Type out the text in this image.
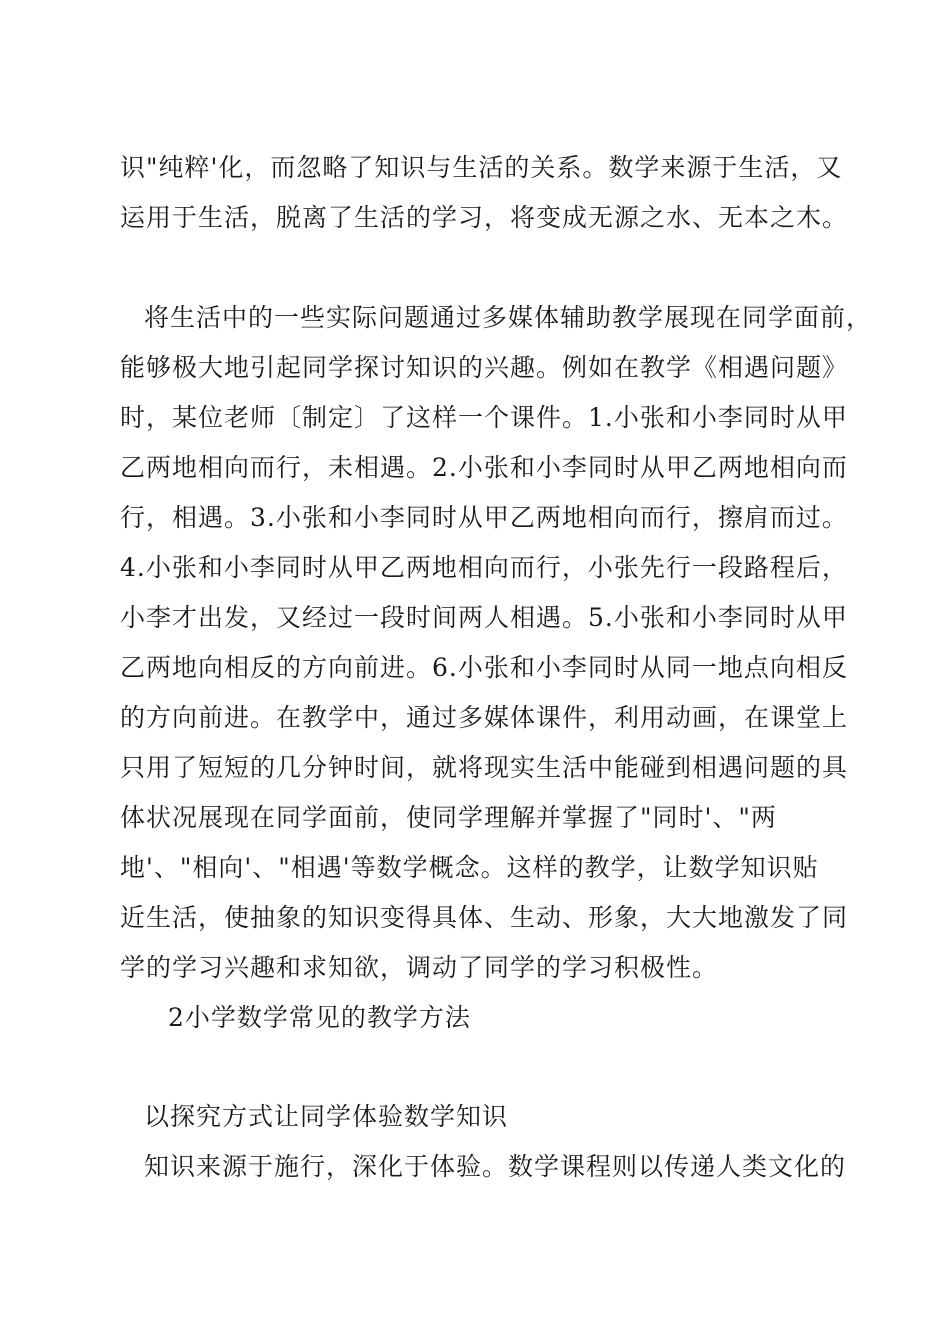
识"纯粹'化，而忽略了知识与生活的关系。数学来源于生活，又
运用于生活，脱离了生活的学习，将变成无源之水、无本之木。
将生活中的一些实际问题通过多媒体辅助教学展现在同学面前，
能够极大地引起同学探讨知识的兴趣。例如在教学《相遇问题》
时，某位老师〔制定〕了这样一个课件。1.小张和小李同时从甲
乙两地相向而行，未相遇。2.小张和小李同时从甲乙两地相向而
行，相遇。3.小张和小李同时从甲乙两地相向而行，擦肩而过。
4.小张和小李同时从甲乙两地相向而行，小张先行一段路程后，
小李才出发，又经过一段时间两人相遇。5.小张和小李同时从甲
乙两地向相反的方向前进。6.小张和小李同时从同一地点向相反
的方向前进。在教学中，通过多媒体课件，利用动画，在课堂上
只用了短短的几分钟时间，就将现实生活中能碰到相遇问题的具
体状况展现在同学面前，使同学理解并掌握了"同时'、"两
地'、"相向'、"相遇'等数学概念。这样的教学，让数学知识贴
近生活，使抽象的知识变得具体、生动、形象，大大地激发了同
学的学习兴趣和求知欲，调动了同学的学习积极性。
2小学数学常见的教学方法
以探究方式让同学体验数学知识
知识来源于施行，深化于体验。数学课程则以传递人类文化的
